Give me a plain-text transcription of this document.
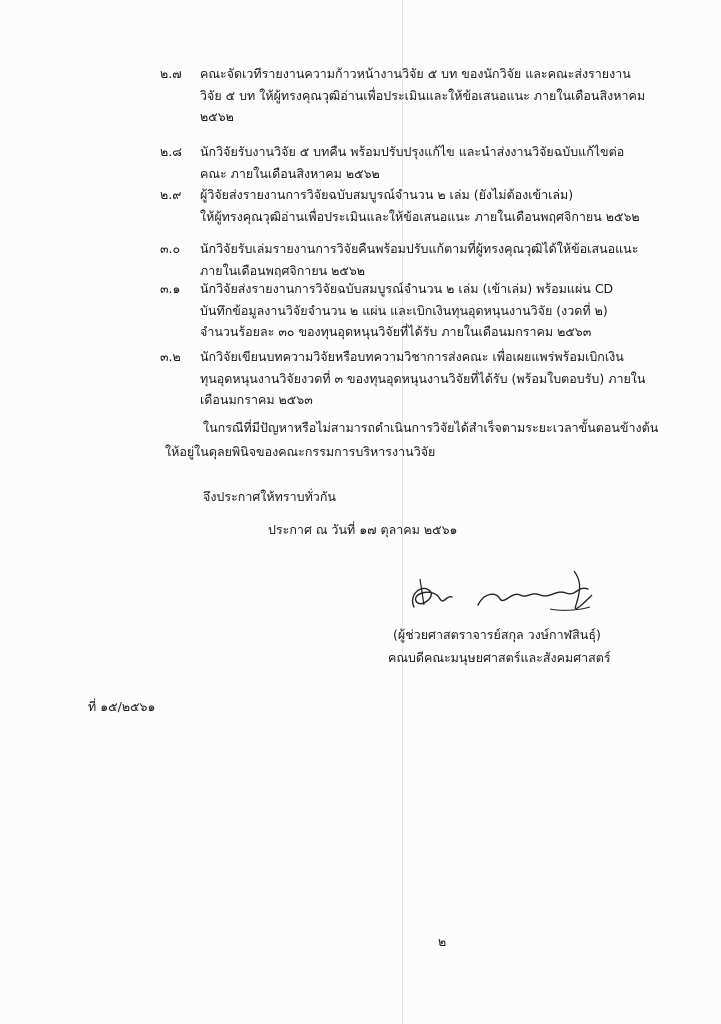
๒.๗	คณะจัดเวทีรายงานความก้าวหน้างานวิจัย ๕ บท ของนักวิจัย และคณะส่งรายงาน
วิจัย ๕ บท ให้ผู้ทรงคุณวุฒิอ่านเพื่อประเมินและให้ข้อเสนอแนะ ภายในเดือนสิงหาคม
๒๕๖๒
๒.๘	นักวิจัยรับงานวิจัย ๕ บทคืน พร้อมปรับปรุงแก้ไข และนำส่งงานวิจัยฉบับแก้ไขต่อ
คณะ ภายในเดือนสิงหาคม ๒๕๖๒
๒.๙	ผู้วิจัยส่งรายงานการวิจัยฉบับสมบูรณ์จำนวน ๒ เล่ม (ยังไม่ต้องเข้าเล่ม)
ให้ผู้ทรงคุณวุฒิอ่านเพื่อประเมินและให้ข้อเสนอแนะ ภายในเดือนพฤศจิกายน ๒๕๖๒
๓.๐	นักวิจัยรับเล่มรายงานการวิจัยคืนพร้อมปรับแก้ตามที่ผู้ทรงคุณวุฒิได้ให้ข้อเสนอแนะ
ภายในเดือนพฤศจิกายน ๒๕๖๒
๓.๑	นักวิจัยส่งรายงานการวิจัยฉบับสมบูรณ์จำนวน ๒ เล่ม (เข้าเล่ม) พร้อมแผ่น CD
บันทึกข้อมูลงานวิจัยจำนวน ๒ แผ่น และเบิกเงินทุนอุดหนุนงานวิจัย (งวดที่ ๒)
จำนวนร้อยละ ๓๐ ของทุนอุดหนุนวิจัยที่ได้รับ ภายในเดือนมกราคม ๒๕๖๓
๓.๒	นักวิจัยเขียนบทความวิจัยหรือบทความวิชาการส่งคณะ เพื่อเผยแพร่พร้อมเบิกเงิน
ทุนอุดหนุนงานวิจัยงวดที่ ๓ ของทุนอุดหนุนงานวิจัยที่ได้รับ (พร้อมใบตอบรับ) ภายใน
เดือนมกราคม ๒๕๖๓
ในกรณีที่มีปัญหาหรือไม่สามารถดำเนินการวิจัยได้สำเร็จตามระยะเวลาขั้นตอนข้างต้น
ให้อยู่ในดุลยพินิจของคณะกรรมการบริหารงานวิจัย
จึงประกาศให้ทราบทั่วกัน
ประกาศ ณ วันที่ ๑๗ ตุลาคม ๒๕๖๑
(ผู้ช่วยศาสตราจารย์สกุล วงษ์กาฬสินธุ์)
คณบดีคณะมนุษยศาสตร์และสังคมศาสตร์
ที่ ๑๕/๒๕๖๑
๒
